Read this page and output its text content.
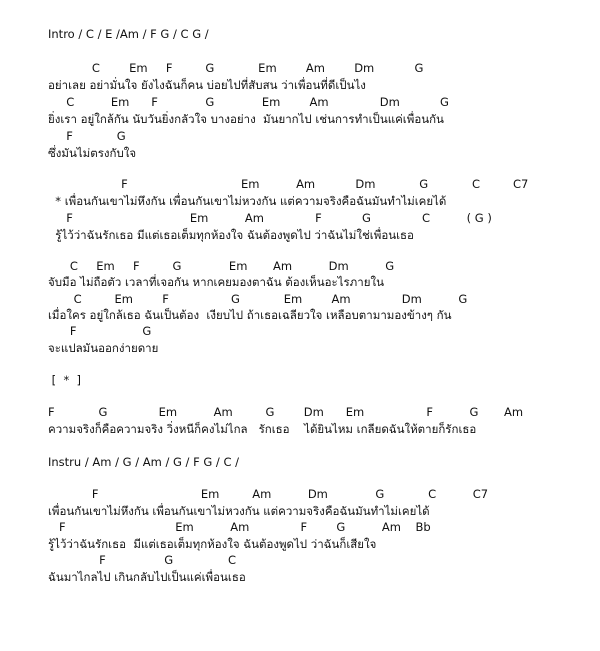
Intro / C / E /Am / F G / C G /
C        Em     F         G            Em        Am        Dm           G
อย่าเลย อย่ามั่นใจ ยังไงฉันก็คน บ่อยไปที่สับสน ว่าเพื่อนที่ดีเป็นไง
C          Em      F             G             Em        Am              Dm           G
ยิ่งเรา อยู่ใกล้กัน นับวันยิ่งกลัวใจ บางอย่าง  มันยากไป เช่นการทำเป็นแค่เพื่อนกัน
F            G
ซึ่งมันไม่ตรงกับใจ
F                               Em          Am           Dm            G            C         C7
* เพื่อนกันเขาไม่หึงกัน เพื่อนกันเขาไม่หวงกัน แต่ความจริงคือฉันมันทำไม่เคยได้
F                                Em          Am              F           G              C          ( G )
รู้ไว้ว่าฉันรักเธอ มีแต่เธอเต็มทุกห้องใจ ฉันต้องพูดไป ว่าฉันไม่ใช่เพื่อนเธอ
C     Em     F         G             Em       Am          Dm          G
จับมือ ไม่ถือตัว เวลาที่เจอกัน หากเคยมองตาฉัน ต้องเห็นอะไรภายใน
C         Em        F                 G            Em        Am              Dm          G
เมื่อใคร อยู่ใกล้เธอ ฉันเป็นต้อง  เงียบไป ถ้าเธอเฉลียวใจ เหลือบตามามองข้างๆ กัน
F                  G
จะแปลมันออกง่ายดาย
[  *  ]
F            G              Em          Am         G        Dm      Em                 F          G       Am
ความจริงก็คือความจริง วิ่งหนีก็คงไม่ไกล   รักเธอ    ได้ยินไหม เกลียดฉันให้ตายก็รักเธอ
Instru / Am / G / Am / G / F G / C /
F                            Em         Am          Dm             G            C          C7
เพื่อนกันเขาไม่หึงกัน เพื่อนกันเขาไม่หวงกัน แต่ความจริงคือฉันมันทำไม่เคยได้
F                              Em          Am              F        G          Am    Bb
รู้ไว้ว่าฉันรักเธอ  มีแต่เธอเต็มทุกห้องใจ ฉันต้องพูดไป ว่าฉันก็เสียใจ
F                G               C
ฉันมาไกลไป เกินกลับไปเป็นแค่เพื่อนเธอ
